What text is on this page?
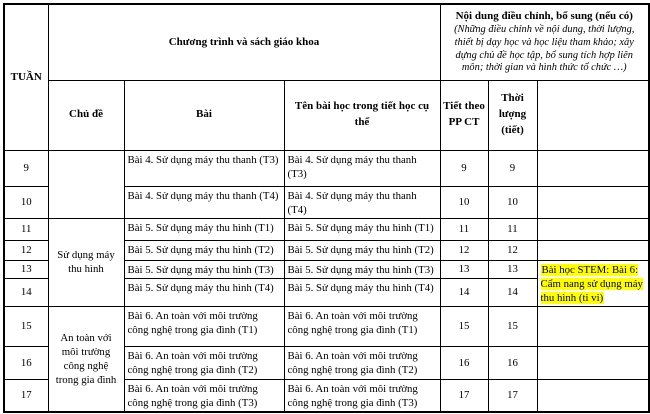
TUẦN	Chương trình và sách giáo khoa			Nội dung điều chỉnh, bổ sung (nếu có)
(Những điều chỉnh về nội dung, thời lượng, thiết bị dạy học và học liệu tham khảo; xây dựng chủ đề học tập, bổ sung tích hợp liên môn; thời gian và hình thức tổ chức …)		

	Chủ đề	Bài	Tên bài học trong tiết học cụ thể	Tiết theo PP CT	Thời lượng (tiết)	
9		Bài 4. Sử dụng máy thu thanh (T3)	Bài 4. Sử dụng máy thu thanh (T3)	9	9	
10		Bài 4. Sử dụng máy thu thanh (T4)	Bài 4. Sử dụng máy thu thanh (T4)	10	10	
11	Sử dụng máy thu hình	Bài 5. Sử dụng máy thu hình (T1)	Bài 5. Sử dụng máy thu hình (T1)	11	11	
12		Bài 5. Sử dụng máy thu hình (T2)	Bài 5. Sử dụng máy thu hình (T2)	12	12	
13		Bài 5. Sử dụng máy thu hình (T3)	Bài 5. Sử dụng máy thu hình (T3)	13	13	Bài học STEM: Bài 6: Cẩm nang sử dụng máy thu hình (ti vi)
14		Bài 5. Sử dụng máy thu hình (T4)	Bài 5. Sử dụng máy thu hình (T4)	14	14	
15	An toàn với môi trường công nghệ trong gia đình	Bài 6. An toàn với môi trường công nghệ trong gia đình (T1)	Bài 6. An toàn với môi trường công nghệ trong gia đình (T1)	15	15	
16		Bài 6. An toàn với môi trường công nghệ trong gia đình (T2)	Bài 6. An toàn với môi trường công nghệ trong gia đình (T2)	16	16	
17		Bài 6. An toàn với môi trường công nghệ trong gia đình (T3)	Bài 6. An toàn với môi trường công nghệ trong gia đình (T3)	17	17	
